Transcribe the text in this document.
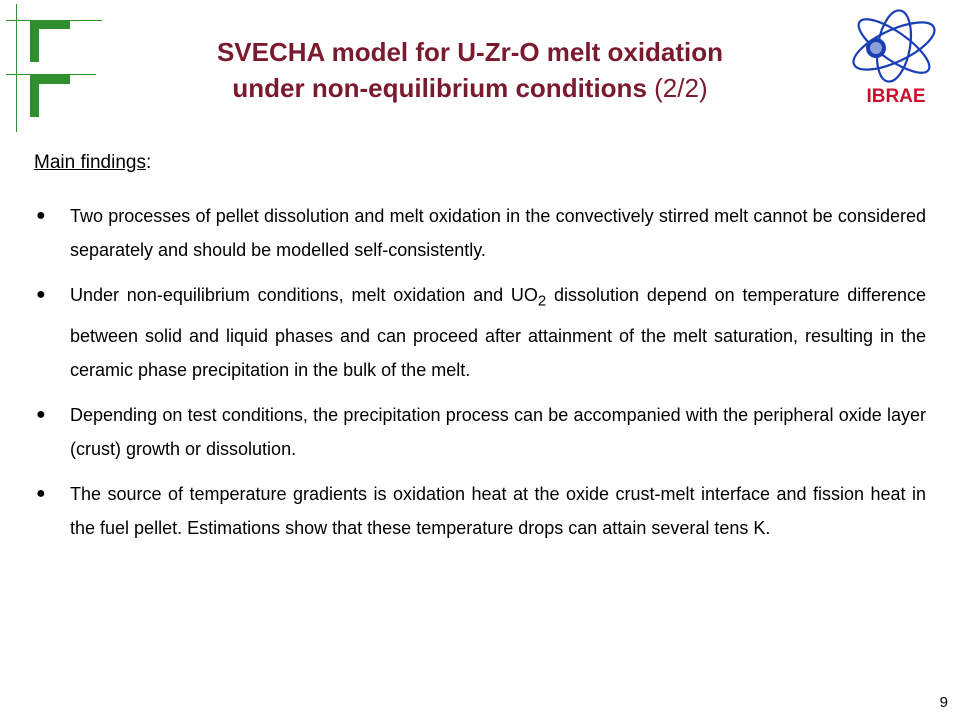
SVECHA model for U-Zr-O melt oxidation
under non-equilibrium conditions (2/2)	IBRAE
Main findings:
● Two processes of pellet dissolution and melt oxidation in the convectively stirred melt cannot be considered separately and should be modelled self-consistently.
● Under non-equilibrium conditions, melt oxidation and $UO_2$ dissolution depend on temperature difference between solid and liquid phases and can proceed after attainment of the melt saturation, resulting in the ceramic phase precipitation in the bulk of the melt.
● Depending on test conditions, the precipitation process can be accompanied with the peripheral oxide layer (crust) growth or dissolution.
● The source of temperature gradients is oxidation heat at the oxide crust-melt interface and fission heat in the fuel pellet. Estimations show that these temperature drops can attain several tens K.
9
